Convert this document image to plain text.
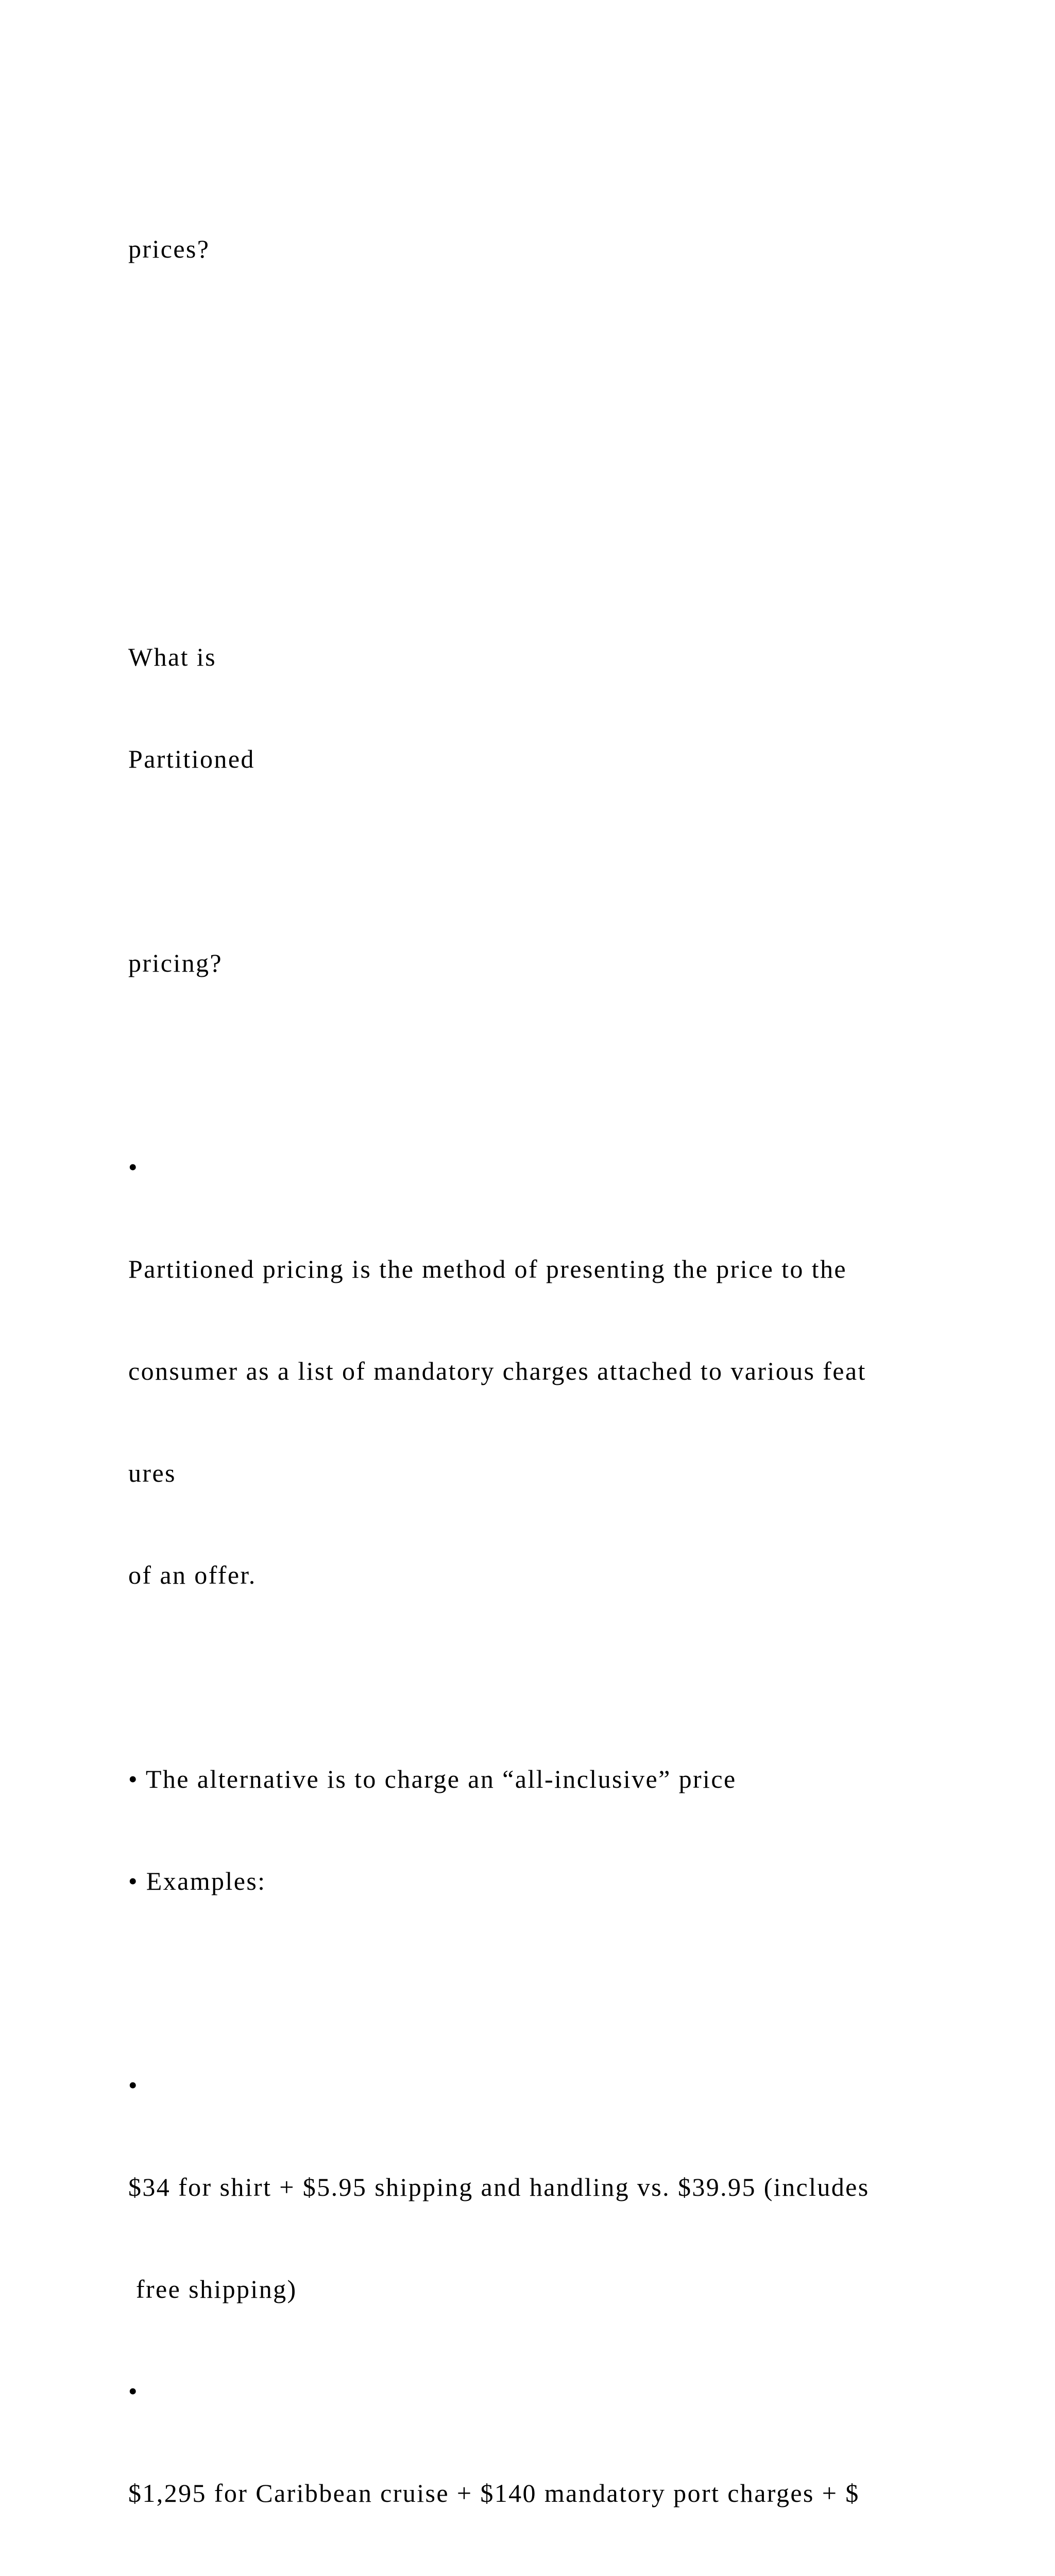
prices?

What is

Partitioned

pricing?

•

Partitioned pricing is the method of presenting the price to the

consumer as a list of mandatory charges attached to various feat

ures

of an offer.

• The alternative is to charge an “all-inclusive” price

• Examples:

•

$34 for shirt + $5.95 shipping and handling vs. $39.95 (includes

free shipping)

•

$1,295 for Caribbean cruise + $140 mandatory port charges + $
